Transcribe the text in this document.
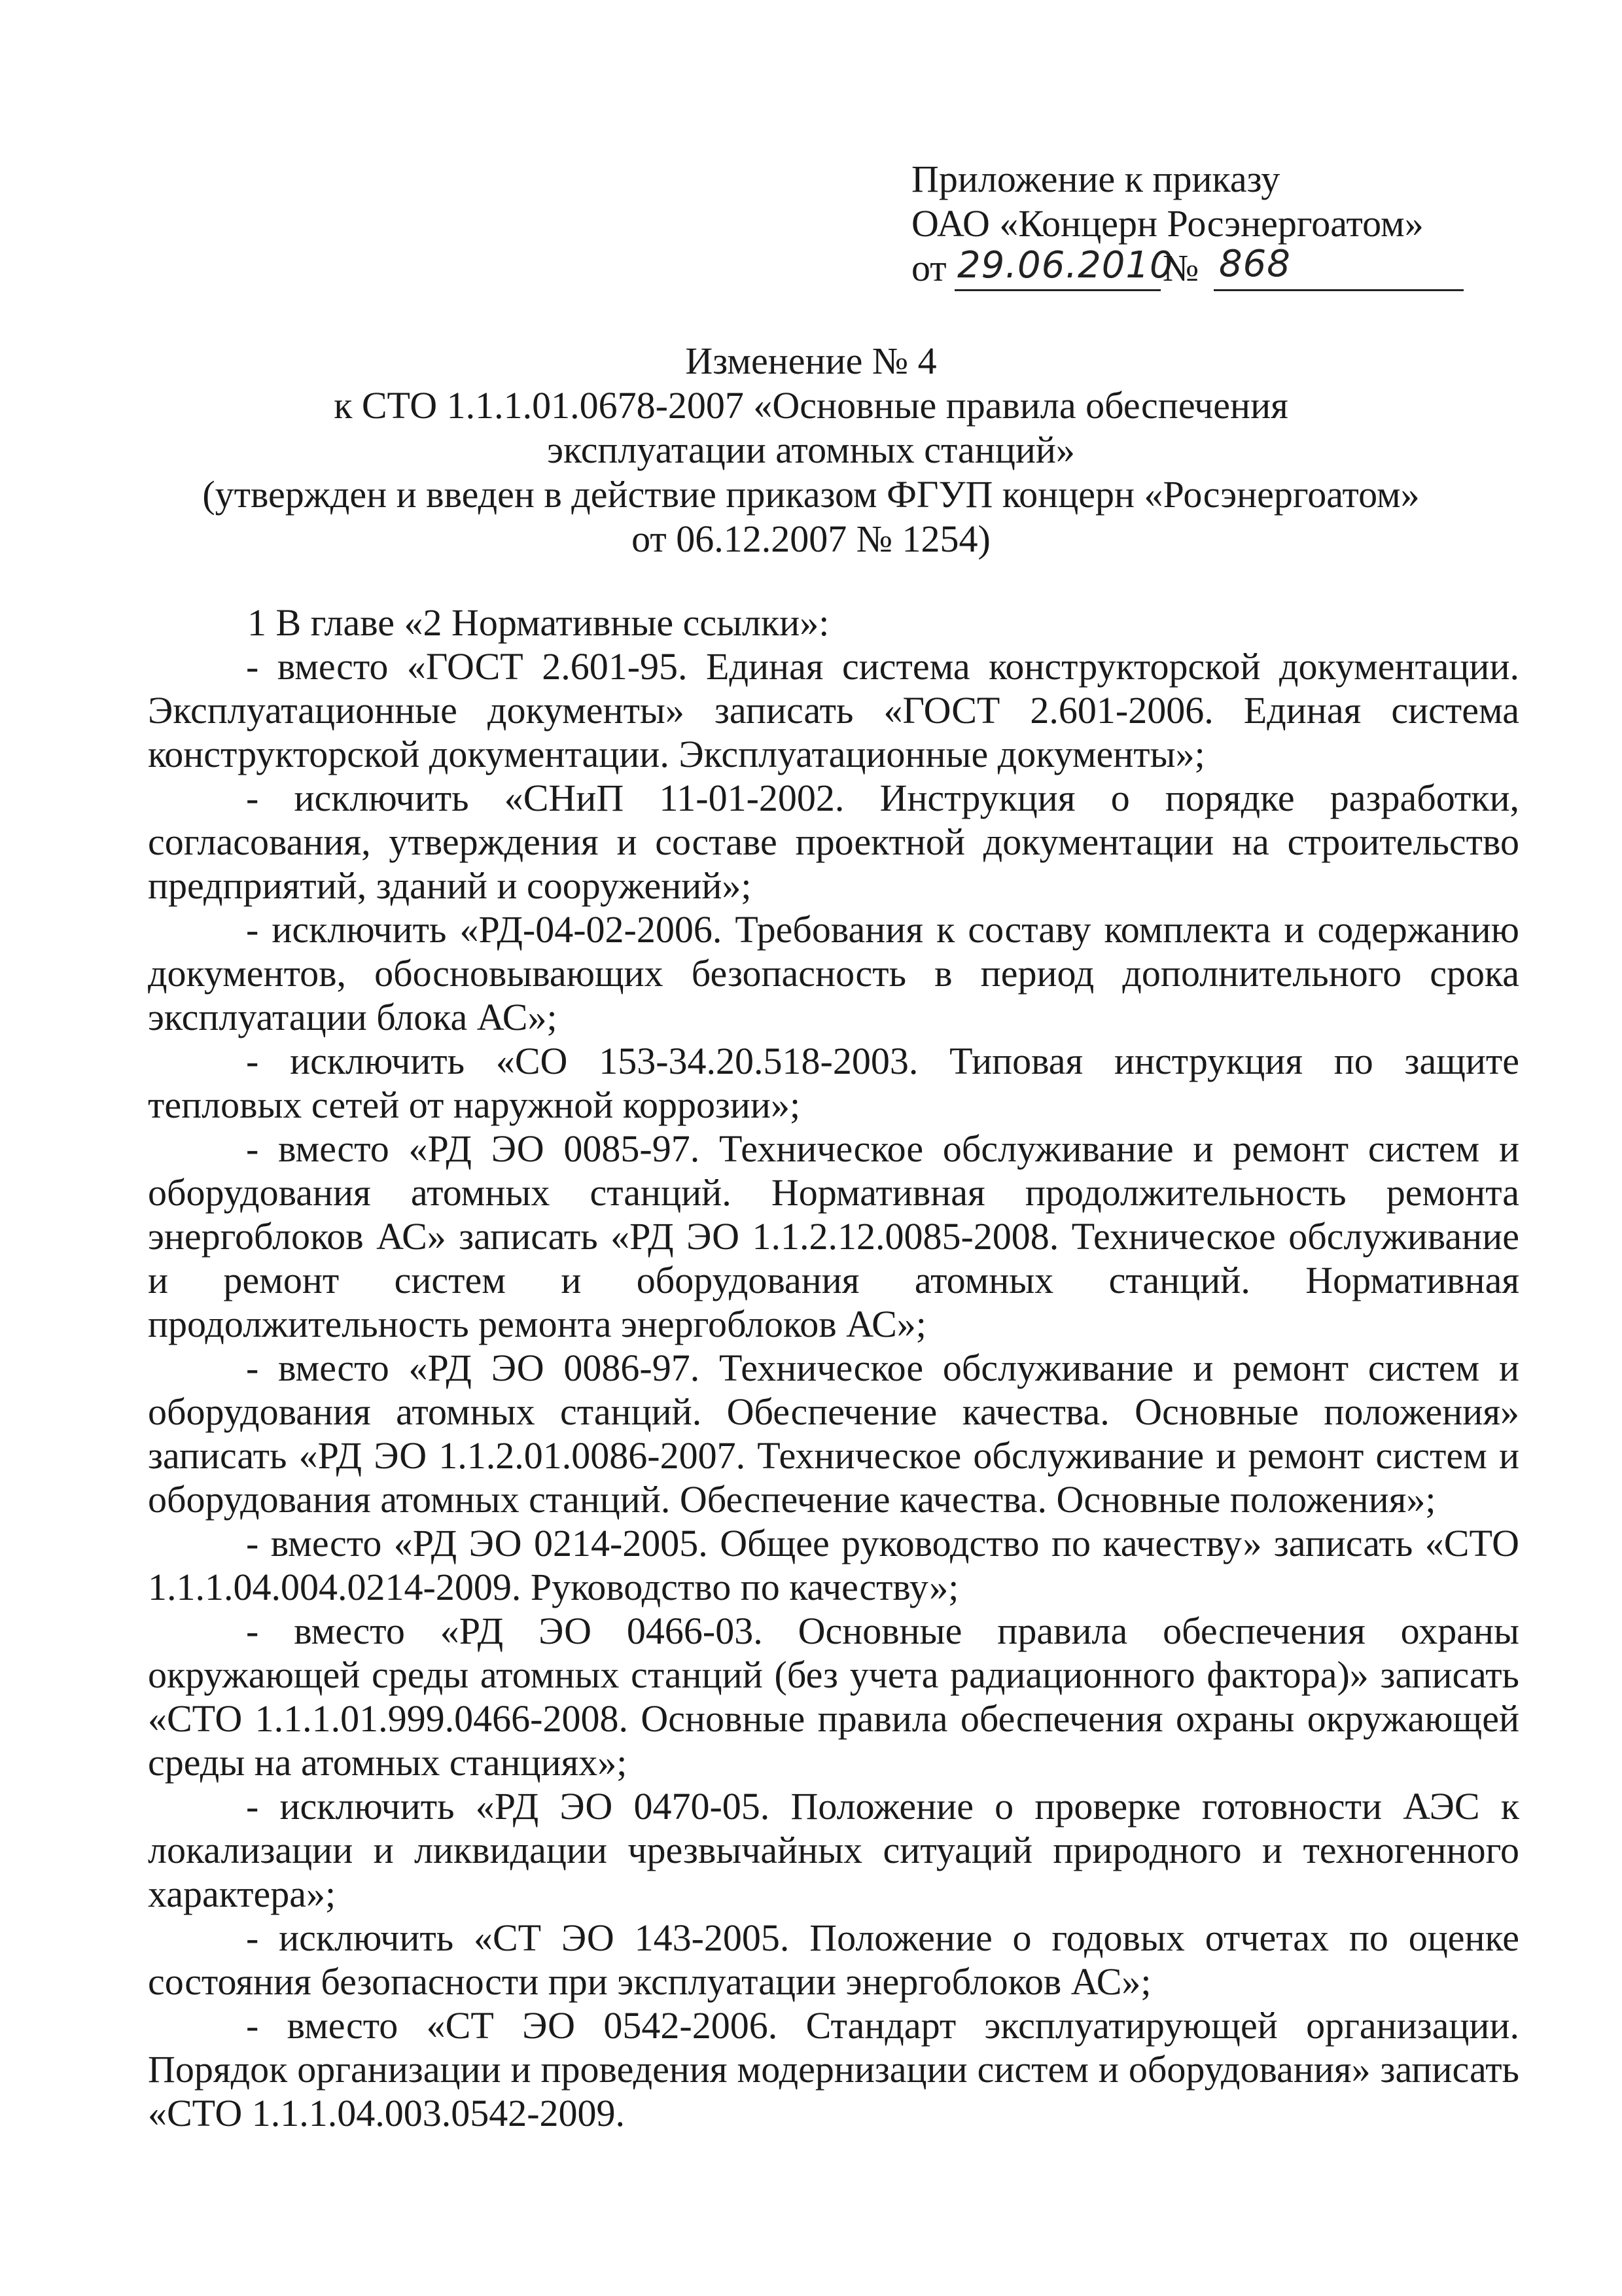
Приложение к приказу
ОАО «Концерн Росэнергоатом»
от 29.06.2010
№ 868
Изменение № 4
к СТО 1.1.1.01.0678-2007 «Основные правила обеспечения
эксплуатации атомных станций»
(утвержден и введен в действие приказом ФГУП концерн «Росэнергоатом»
от 06.12.2007 № 1254)

1 В главе «2 Нормативные ссылки»:

- вместо «ГОСТ 2.601-95. Единая система конструкторской документации. Эксплуатационные документы» записать «ГОСТ 2.601-2006. Единая система конструкторской документации. Эксплуатационные документы»;

- исключить «СНиП 11-01-2002. Инструкция о порядке разработки, согласования, утверждения и составе проектной документации на строительство предприятий, зданий и сооружений»;

- исключить «РД-04-02-2006. Требования к составу комплекта и содержанию документов, обосновывающих безопасность в период дополнительного срока эксплуатации блока АС»;

- исключить «СО 153-34.20.518-2003. Типовая инструкция по защите тепловых сетей от наружной коррозии»;

- вместо «РД ЭО 0085-97. Техническое обслуживание и ремонт систем и оборудования атомных станций. Нормативная продолжительность ремонта энергоблоков АС» записать «РД ЭО 1.1.2.12.0085-2008. Техническое обслуживание и ремонт систем и оборудования атомных станций. Нормативная продолжительность ремонта энергоблоков АС»;

- вместо «РД ЭО 0086-97. Техническое обслуживание и ремонт систем и оборудования атомных станций. Обеспечение качества. Основные положения» записать «РД ЭО 1.1.2.01.0086-2007. Техническое обслуживание и ремонт систем и оборудования атомных станций. Обеспечение качества. Основные положения»;

- вместо «РД ЭО 0214-2005. Общее руководство по качеству» записать «СТО 1.1.1.04.004.0214-2009. Руководство по качеству»;

- вместо «РД ЭО 0466-03. Основные правила обеспечения охраны окружающей среды атомных станций (без учета радиационного фактора)» записать «СТО 1.1.1.01.999.0466-2008. Основные правила обеспечения охраны окружающей среды на атомных станциях»;

- исключить «РД ЭО 0470-05. Положение о проверке готовности АЭС к локализации и ликвидации чрезвычайных ситуаций природного и техногенного характера»;

- исключить «СТ ЭО 143-2005. Положение о годовых отчетах по оценке состояния безопасности при эксплуатации энергоблоков АС»;

- вместо «СТ ЭО 0542-2006. Стандарт эксплуатирующей организации. Порядок организации и проведения модернизации систем и оборудования» записать «СТО 1.1.1.04.003.0542-2009.
